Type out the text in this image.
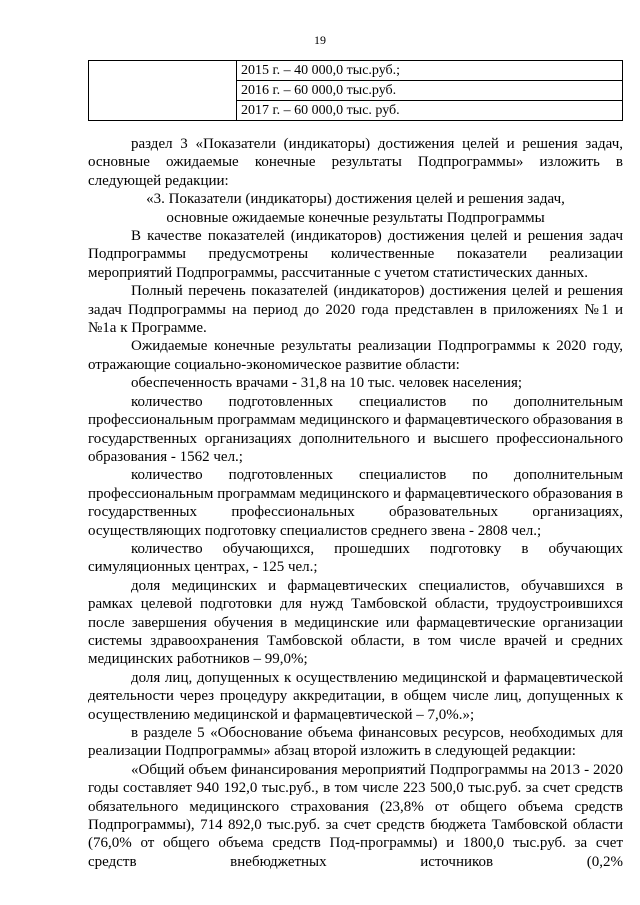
19
	2015 г. – 40 000,0 тыс.руб.;
2016 г. – 60 000,0 тыс.руб.
2017 г. – 60 000,0 тыс. руб.

раздел 3 «Показатели (индикаторы) достижения целей и решения задач, основные ожидаемые конечные результаты Подпрограммы» изложить в следующей редакции:

«3. Показатели (индикаторы) достижения целей и решения задач,

основные ожидаемые конечные результаты Подпрограммы

В качестве показателей (индикаторов) достижения целей и решения задач Подпрограммы предусмотрены количественные показатели реализации мероприятий Подпрограммы, рассчитанные с учетом статистических данных.

Полный перечень показателей (индикаторов) достижения целей и решения задач Подпрограммы на период до 2020 года представлен в приложениях №1 и №1а к Программе.

Ожидаемые конечные результаты реализации Подпрограммы к 2020 году, отражающие социально-экономическое развитие области:

обеспеченность врачами - 31,8 на 10 тыс. человек населения;

количество подготовленных специалистов по дополнительным профессиональным программам медицинского и фармацевтического образования в государственных организациях дополнительного и высшего профессионального образования - 1562 чел.;

количество подготовленных специалистов по дополнительным профессиональным программам медицинского и фармацевтического образования в государственных профессиональных образовательных организациях, осуществляющих подготовку специалистов среднего звена - 2808 чел.;

количество обучающихся, прошедших подготовку в обучающих симуляционных центрах, - 125 чел.;

доля медицинских и фармацевтических специалистов, обучавшихся в рамках целевой подготовки для нужд Тамбовской области, трудоустроившихся после завершения обучения в медицинские или фармацевтические организации системы здравоохранения Тамбовской области, в том числе врачей и средних медицинских работников – 99,0%;

доля лиц, допущенных к осуществлению медицинской и фармацевтической деятельности через процедуру аккредитации, в общем числе лиц, допущенных к осуществлению медицинской и фармацевтической – 7,0%.»;

в разделе 5 «Обоснование объема финансовых ресурсов, необходимых для реализации Подпрограммы» абзац второй изложить в следующей редакции:

«Общий объем финансирования мероприятий Подпрограммы на 2013 - 2020 годы составляет 940 192,0 тыс.руб., в том числе 223 500,0 тыс.руб. за счет средств обязательного медицинского страхования (23,8% от общего объема средств Подпрограммы), 714 892,0 тыс.руб. за счет средств бюджета Тамбовской области (76,0% от общего объема средств Под-программы) и 1800,0 тыс.руб. за счет средств внебюджетных источников (0,2%
